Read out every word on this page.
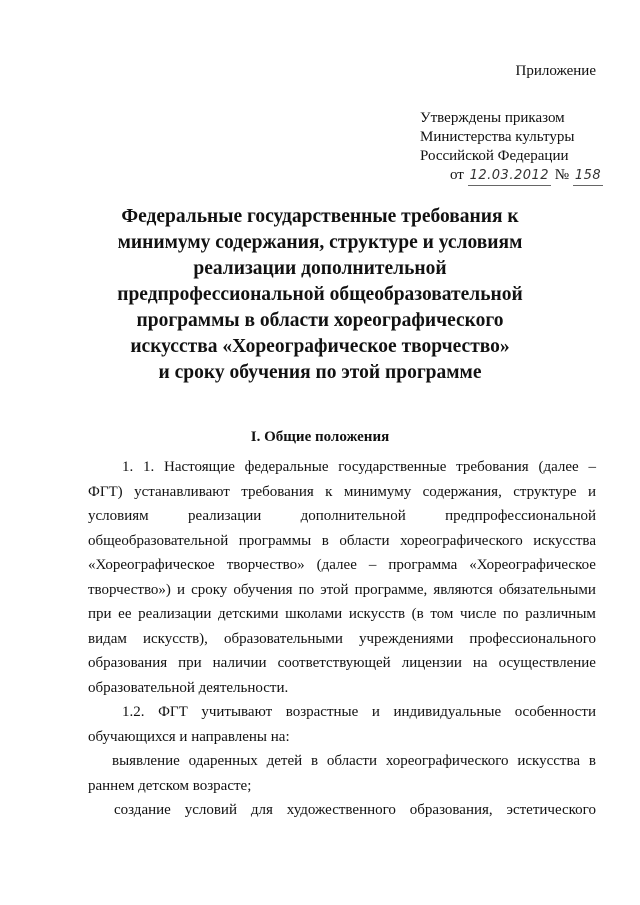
Приложение
Утверждены приказом
Министерства культуры
Российской Федерации
от 12.03.2012 № 158
Федеральные государственные требования к
минимуму содержания, структуре и условиям
реализации дополнительной
предпрофессиональной общеобразовательной
программы в области хореографического
искусства «Хореографическое творчество»
и сроку обучения по этой программе
I. Общие положения
1. 1. Настоящие федеральные государственные требования (далее –
ФГТ) устанавливают требования к минимуму содержания, структуре и
условиям	реализации	дополнительной	предпрофессиональной
общеобразовательной программы в области хореографического искусства
«Хореографическое творчество» (далее – программа «Хореографическое
творчество») и сроку обучения по этой программе, являются обязательными
при ее реализации детскими школами искусств (в том числе по различным
видам искусств), образовательными учреждениями профессионального
образования при наличии соответствующей лицензии на осуществление
образовательной деятельности.
1.2. ФГТ учитывают возрастные и индивидуальные особенности
обучающихся и направлены на:
выявление одаренных детей в области хореографического искусства в
раннем детском возрасте;
создание условий для художественного образования, эстетического
